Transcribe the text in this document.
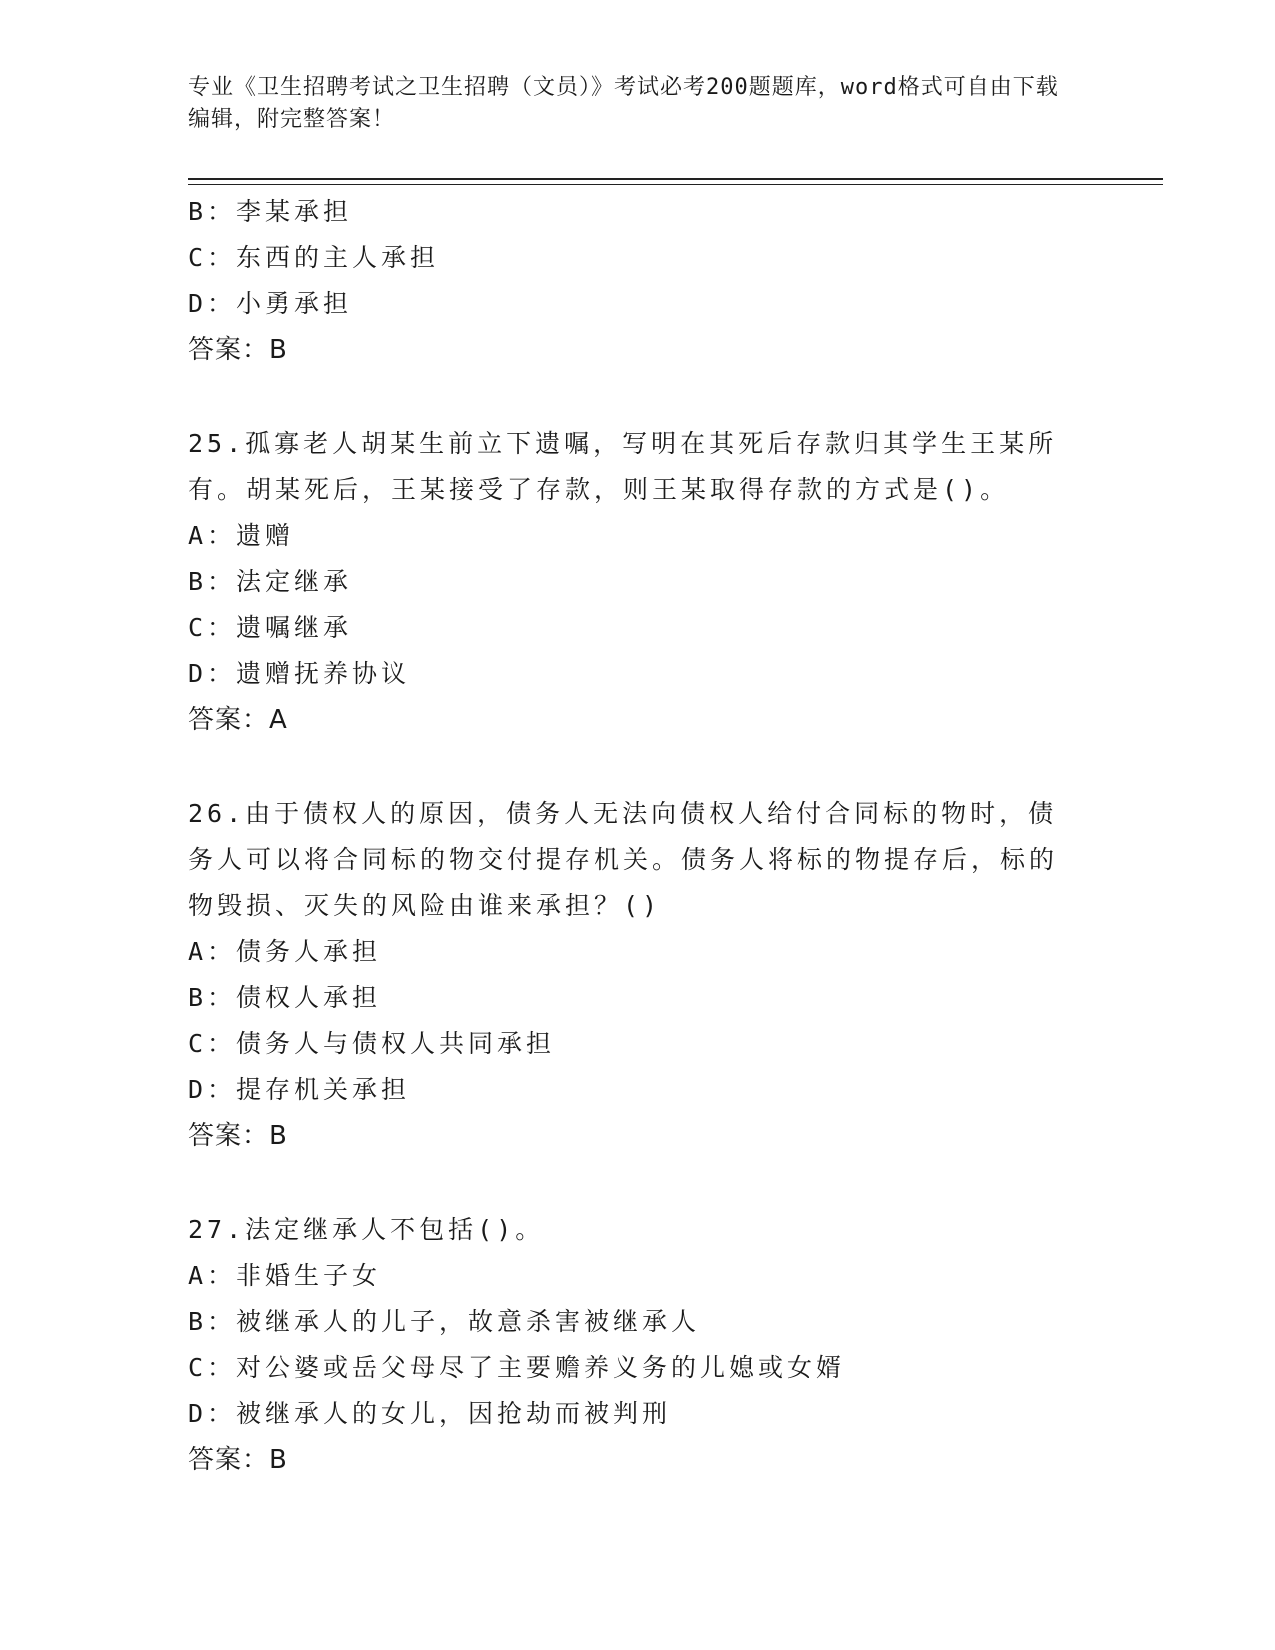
专业《卫生招聘考试之卫生招聘（文员）》考试必考200题题库，word格式可自由下载编辑，附完整答案！
B：李某承担
C：东西的主人承担
D：小勇承担
答案：B
25.孤寡老人胡某生前立下遗嘱，写明在其死后存款归其学生王某所有。胡某死后，王某接受了存款，则王某取得存款的方式是()。
A：遗赠
B：法定继承
C：遗嘱继承
D：遗赠抚养协议
答案：A
26.由于债权人的原因，债务人无法向债权人给付合同标的物时，债务人可以将合同标的物交付提存机关。债务人将标的物提存后，标的物毁损、灭失的风险由谁来承担？()
A：债务人承担
B：债权人承担
C：债务人与债权人共同承担
D：提存机关承担
答案：B
27.法定继承人不包括()。
A：非婚生子女
B：被继承人的儿子，故意杀害被继承人
C：对公婆或岳父母尽了主要赡养义务的儿媳或女婿
D：被继承人的女儿，因抢劫而被判刑
答案：B
